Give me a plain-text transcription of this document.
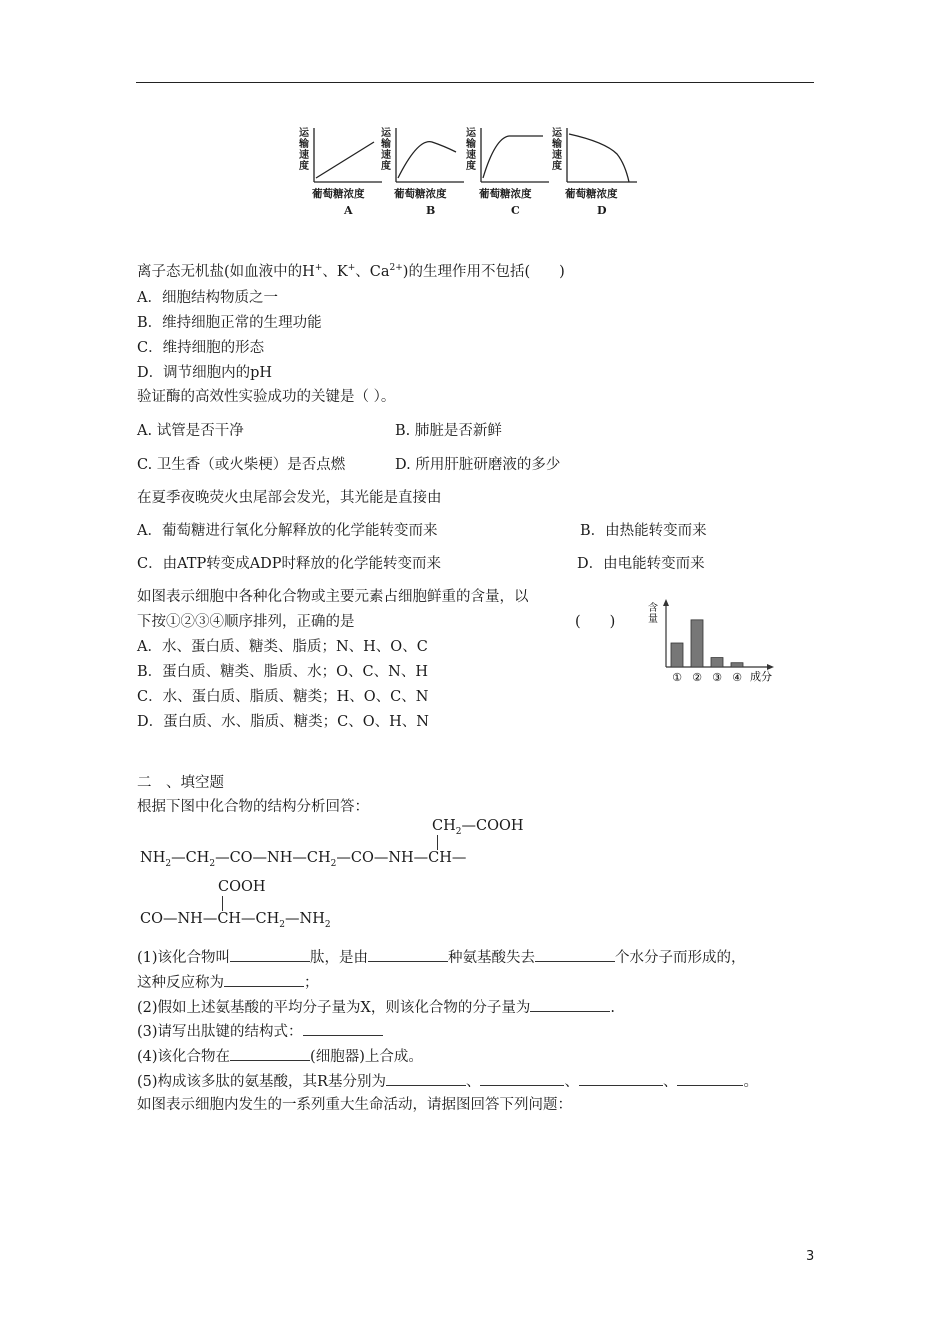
运输速度
葡萄糖浓度
A
运输速度
葡萄糖浓度
B
运输速度
葡萄糖浓度
C
运输速度
葡萄糖浓度
D
离子态无机盐(如血液中的H+、K+、$Ca^{2+}$)的生理作用不包括(　　)
A．细胞结构物质之一
B．维持细胞正常的生理功能
C．维持细胞的形态
D．调节细胞内的pH
验证酶的高效性实验成功的关键是（ ）。
A. 试管是否干净	B. 肺脏是否新鲜
C. 卫生香（或火柴梗）是否点燃	D. 所用肝脏研磨液的多少
在夏季夜晚荧火虫尾部会发光，其光能是直接由
A．葡萄糖进行氧化分解释放的化学能转变而来	B．由热能转变而来
C．由ATP转变成ADP时释放的化学能转变而来	D．由电能转变而来
如图表示细胞中各种化合物或主要元素占细胞鲜重的含量，以
下按①②③④顺序排列，正确的是	(　　)
A．水、蛋白质、糖类、脂质；N、H、O、C
B．蛋白质、糖类、脂质、水；O、C、N、H
C．水、蛋白质、脂质、糖类；H、O、C、N
D．蛋白质、水、脂质、糖类；C、O、H、N
含
量
① ② ③ ④ 成分
二　、填空题
根据下图中化合物的结构分析回答：
$CH_2—COOH$
$NH_2—CH_2—CO—NH—CH_2—CO—NH—CH—$
COOH
$CO—NH—CH—CH_2—NH_2$
(1)该化合物叫	肽，是由	种氨基酸失去	个水分子而形成的，
这种反应称为	；
(2)假如上述氨基酸的平均分子量为X，则该化合物的分子量为	.
(3)请写出肽键的结构式：
(4)该化合物在	(细胞器)上合成。
(5)构成该多肽的氨基酸，其R基分别为	、	、	、	。
如图表示细胞内发生的一系列重大生命活动，请据图回答下列问题：
3
